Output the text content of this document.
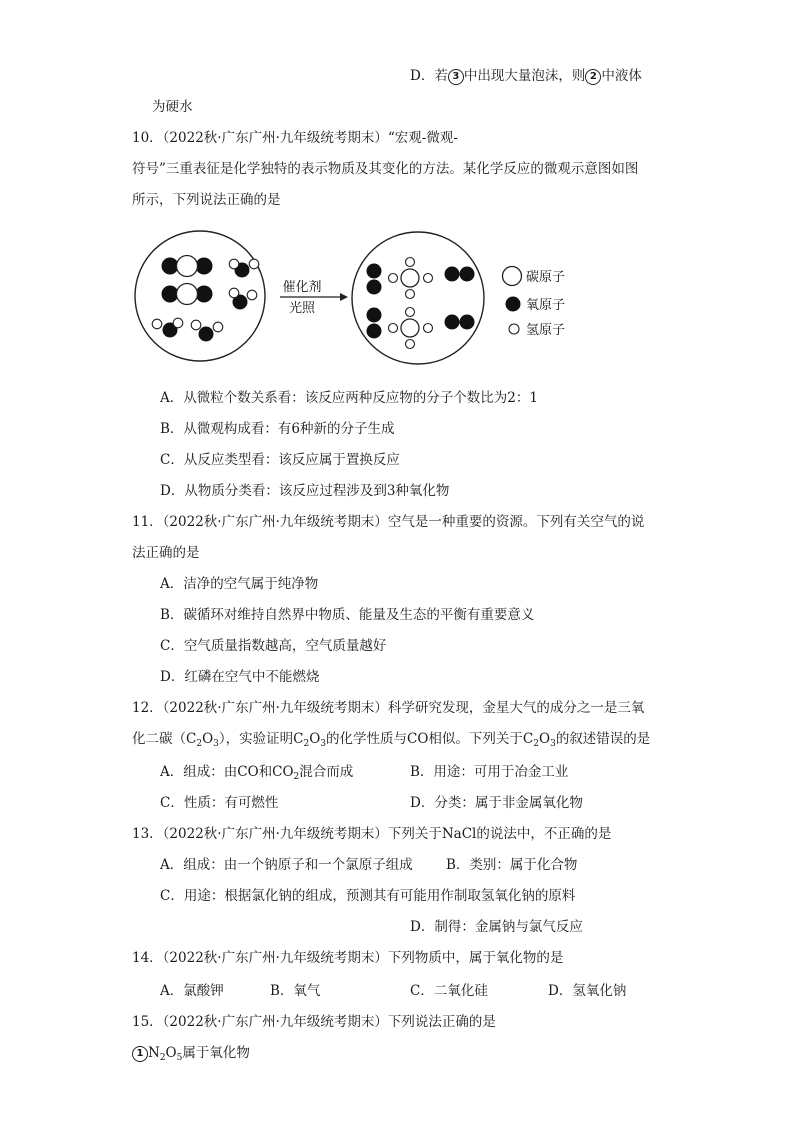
D．若 3 中出现大量泡沫，则 2 中液体
为硬水
10．（2022秋·广东广州·九年级统考期末）“宏观-微观-
符号”三重表征是化学独特的表示物质及其变化的方法。某化学反应的微观示意图如图
所示，下列说法正确的是
催化剂
光照
碳原子
氧原子
氢原子
A．从微粒个数关系看：该反应两种反应物的分子个数比为2：1
B．从微观构成看：有6种新的分子生成
C．从反应类型看：该反应属于置换反应
D．从物质分类看：该反应过程涉及到3种氧化物
11．（2022秋·广东广州·九年级统考期末）空气是一种重要的资源。下列有关空气的说
法正确的是
A．洁净的空气属于纯净物
B．碳循环对维持自然界中物质、能量及生态的平衡有重要意义
C．空气质量指数越高，空气质量越好
D．红磷在空气中不能燃烧
12．（2022秋·广东广州·九年级统考期末）科学研究发现，金星大气的成分之一是三氧
化二碳$(C_2O_3)$，实验证明$C_2O_3$的化学性质与CO相似。下列关于$C_2O_3$的叙述错误的是
A．组成：由CO和$CO_2$混合而成	B．用途：可用于冶金工业
C．性质：有可燃性	D．分类：属于非金属氧化物
13．（2022秋·广东广州·九年级统考期末）下列关于NaCl的说法中，不正确的是
A．组成：由一个钠原子和一个氯原子组成 B．类别：属于化合物
C．用途：根据氯化钠的组成，预测其有可能用作制取氢氧化钠的原料
D．制得：金属钠与氯气反应
14．（2022秋·广东广州·九年级统考期末）下列物质中，属于氧化物的是
A．氯酸钾	B．氧气	C．二氧化硅	D．氢氧化钠
15．（2022秋·广东广州·九年级统考期末）下列说法正确的是
1 $N_2O_5$属于氧化物
